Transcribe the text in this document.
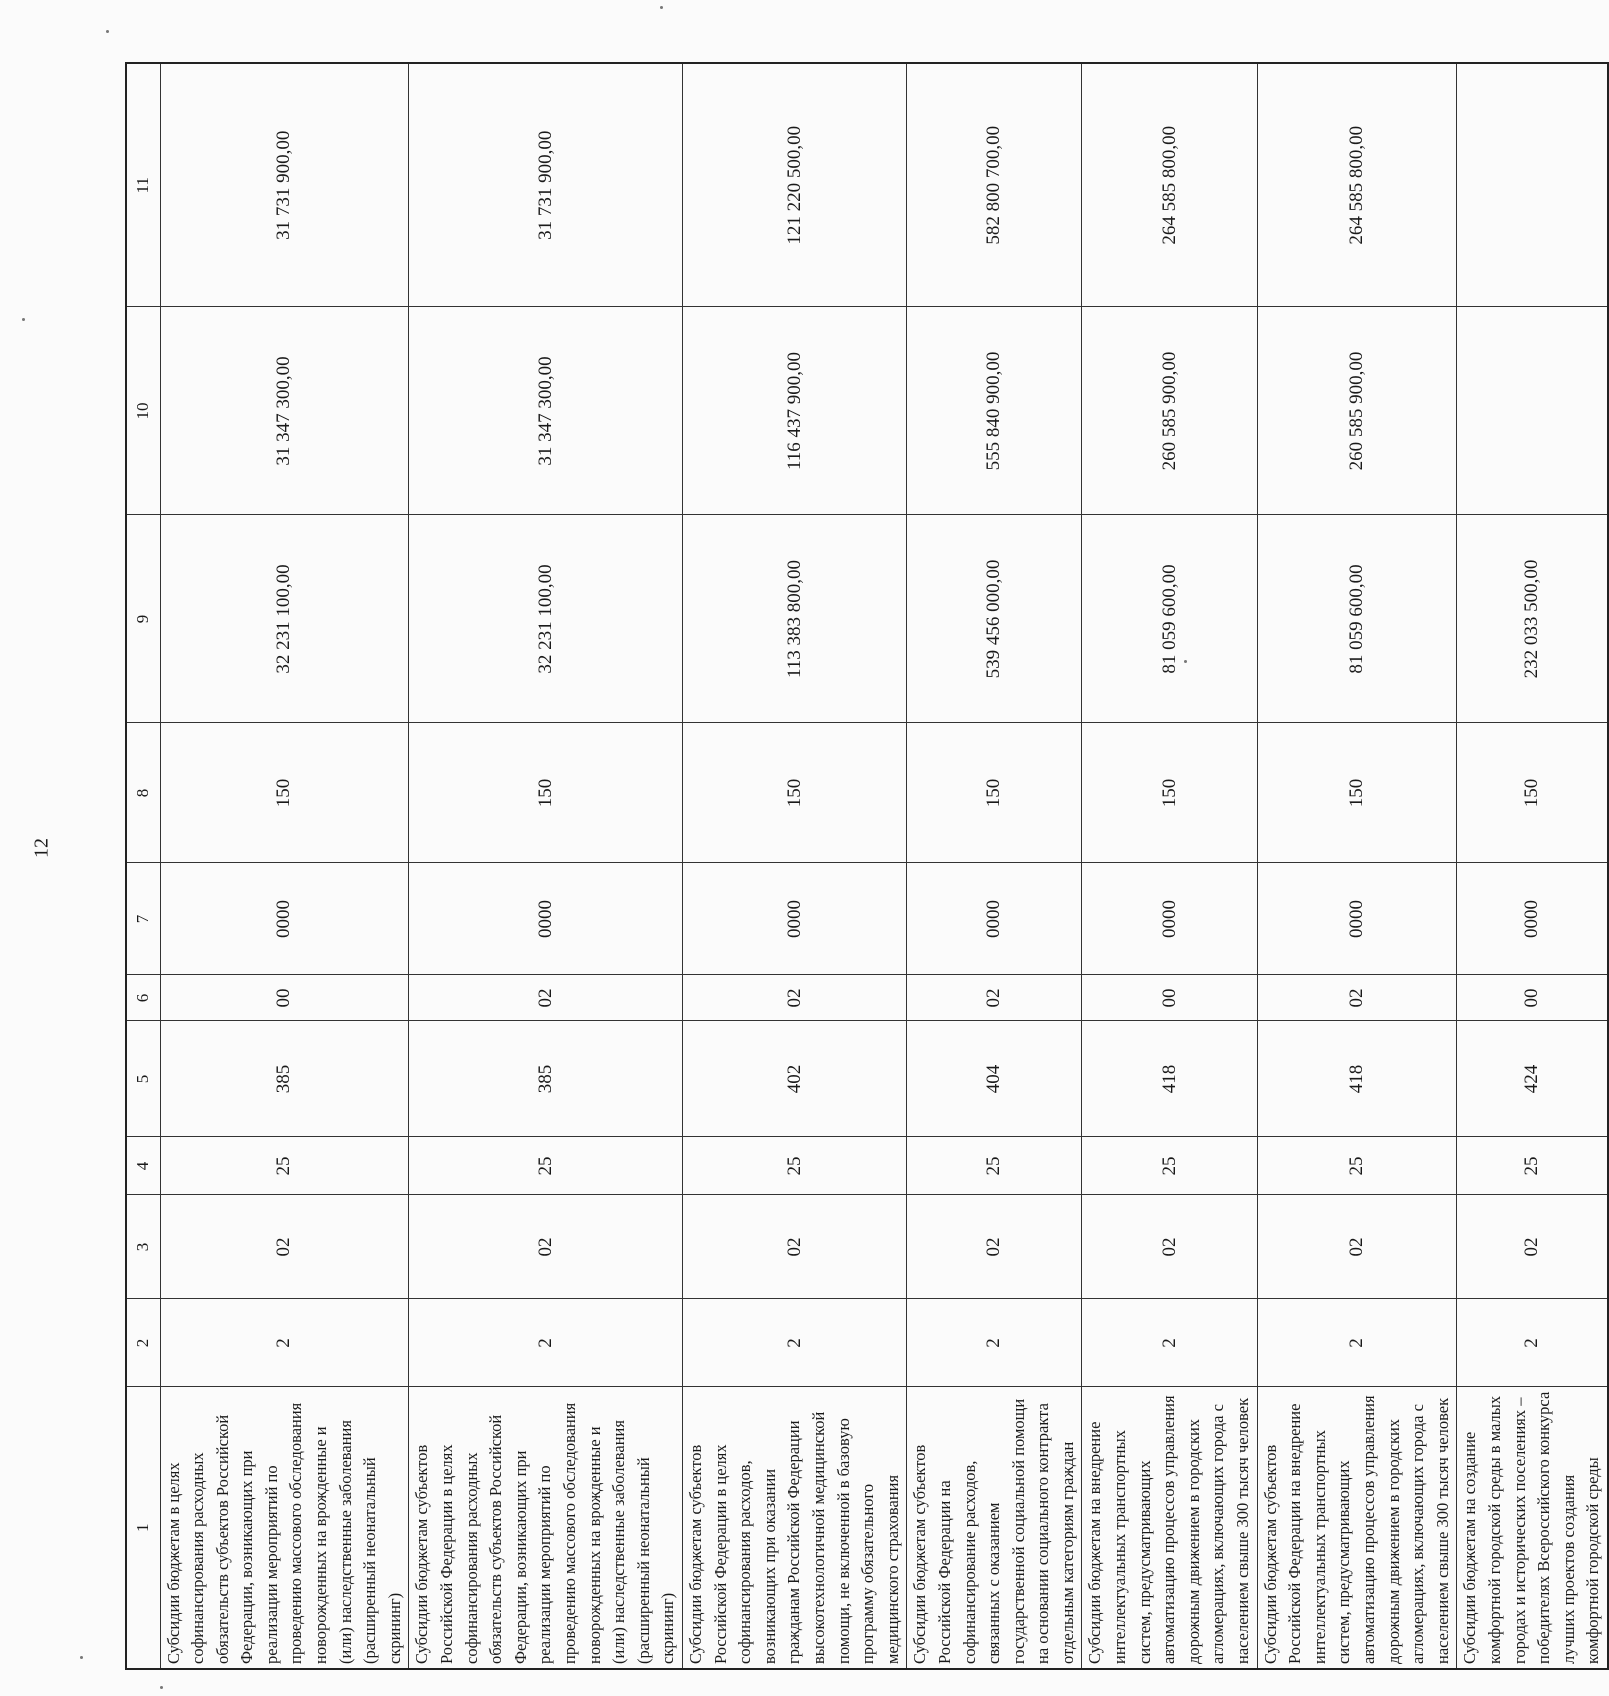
12
1	2	3	4	5	6	7	8	9	10	11
Субсидии бюджетам в целях софинансирования расходных обязательств субъектов Российской Федерации, возникающих при реализации мероприятий по проведению массового обследования новорожденных на врожденные и (или) наследственные заболевания (расширенный неонатальный скрининг)	2	02	25	385	00	0000	150	32 231 100,00	31 347 300,00	31 731 900,00
Субсидии бюджетам субъектов Российской Федерации в целях софинансирования расходных обязательств субъектов Российской Федерации, возникающих при реализации мероприятий по проведению массового обследования новорожденных на врожденные и (или) наследственные заболевания (расширенный неонатальный скрининг)	2	02	25	385	02	0000	150	32 231 100,00	31 347 300,00	31 731 900,00
Субсидии бюджетам субъектов Российской Федерации в целях софинансирования расходов, возникающих при оказании гражданам Российской Федерации высокотехнологичной медицинской помощи, не включенной в базовую программу обязательного медицинского страхования	2	02	25	402	02	0000	150	113 383 800,00	116 437 900,00	121 220 500,00
Субсидии бюджетам субъектов Российской Федерации на софинансирование расходов, связанных с оказанием государственной социальной помощи на основании социального контракта отдельным категориям граждан	2	02	25	404	02	0000	150	539 456 000,00	555 840 900,00	582 800 700,00
Субсидии бюджетам на внедрение интеллектуальных транспортных систем, предусматривающих автоматизацию процессов управления дорожным движением в городских агломерациях, включающих города с населением свыше 300 тысяч человек	2	02	25	418	00	0000	150	81 059 600,00	260 585 900,00	264 585 800,00
Субсидии бюджетам субъектов Российской Федерации на внедрение интеллектуальных транспортных систем, предусматривающих автоматизацию процессов управления дорожным движением в городских агломерациях, включающих города с населением свыше 300 тысяч человек	2	02	25	418	02	0000	150	81 059 600,00	260 585 900,00	264 585 800,00
Субсидии бюджетам на создание комфортной городской среды в малых городах и исторических поселениях – победителях Всероссийского конкурса лучших проектов создания комфортной городской среды	2	02	25	424	00	0000	150	232 033 500,00		
